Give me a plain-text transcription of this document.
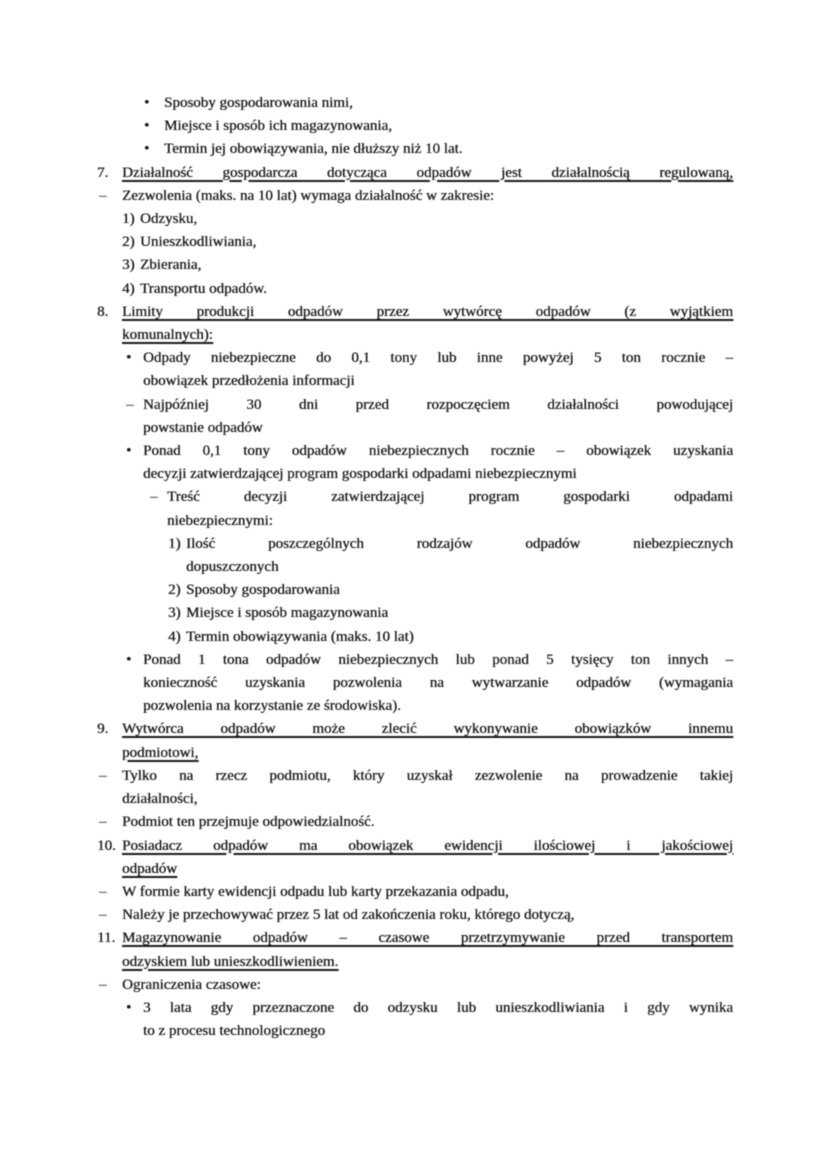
• Sposoby gospodarowania nimi,
• Miejsce i sposób ich magazynowania,
• Termin jej obowiązywania, nie dłuższy niż 10 lat.
7. Działalność gospodarcza dotycząca odpadów jest działalnością regulowaną,
– Zezwolenia (maks. na 10 lat) wymaga działalność w zakresie:
1) Odzysku,
2) Unieszkodliwiania,
3) Zbierania,
4) Transportu odpadów.
8. Limity produkcji odpadów przez wytwórcę odpadów (z wyjątkiem
komunalnych):
• Odpady niebezpieczne do 0,1 tony lub inne powyżej 5 ton rocznie –
obowiązek przedłożenia informacji
– Najpóźniej 30 dni przed rozpoczęciem działalności powodującej
powstanie odpadów
• Ponad 0,1 tony odpadów niebezpiecznych rocznie – obowiązek uzyskania
decyzji zatwierdzającej program gospodarki odpadami niebezpiecznymi
– Treść decyzji zatwierdzającej program gospodarki odpadami
niebezpiecznymi:
1) Ilość poszczególnych rodzajów odpadów niebezpiecznych
dopuszczonych
2) Sposoby gospodarowania
3) Miejsce i sposób magazynowania
4) Termin obowiązywania (maks. 10 lat)
• Ponad 1 tona odpadów niebezpiecznych lub ponad 5 tysięcy ton innych –
konieczność uzyskania pozwolenia na wytwarzanie odpadów (wymagania
pozwolenia na korzystanie ze środowiska).
9. Wytwórca odpadów może zlecić wykonywanie obowiązków innemu
podmiotowi,
– Tylko na rzecz podmiotu, który uzyskał zezwolenie na prowadzenie takiej
działalności,
– Podmiot ten przejmuje odpowiedzialność.
10. Posiadacz odpadów ma obowiązek ewidencji ilościowej i jakościowej
odpadów
– W formie karty ewidencji odpadu lub karty przekazania odpadu,
– Należy je przechowywać przez 5 lat od zakończenia roku, którego dotyczą,
11. Magazynowanie odpadów – czasowe przetrzymywanie przed transportem
odzyskiem lub unieszkodliwieniem.
– Ograniczenia czasowe:
• 3 lata gdy przeznaczone do odzysku lub unieszkodliwiania i gdy wynika
to z procesu technologicznego
